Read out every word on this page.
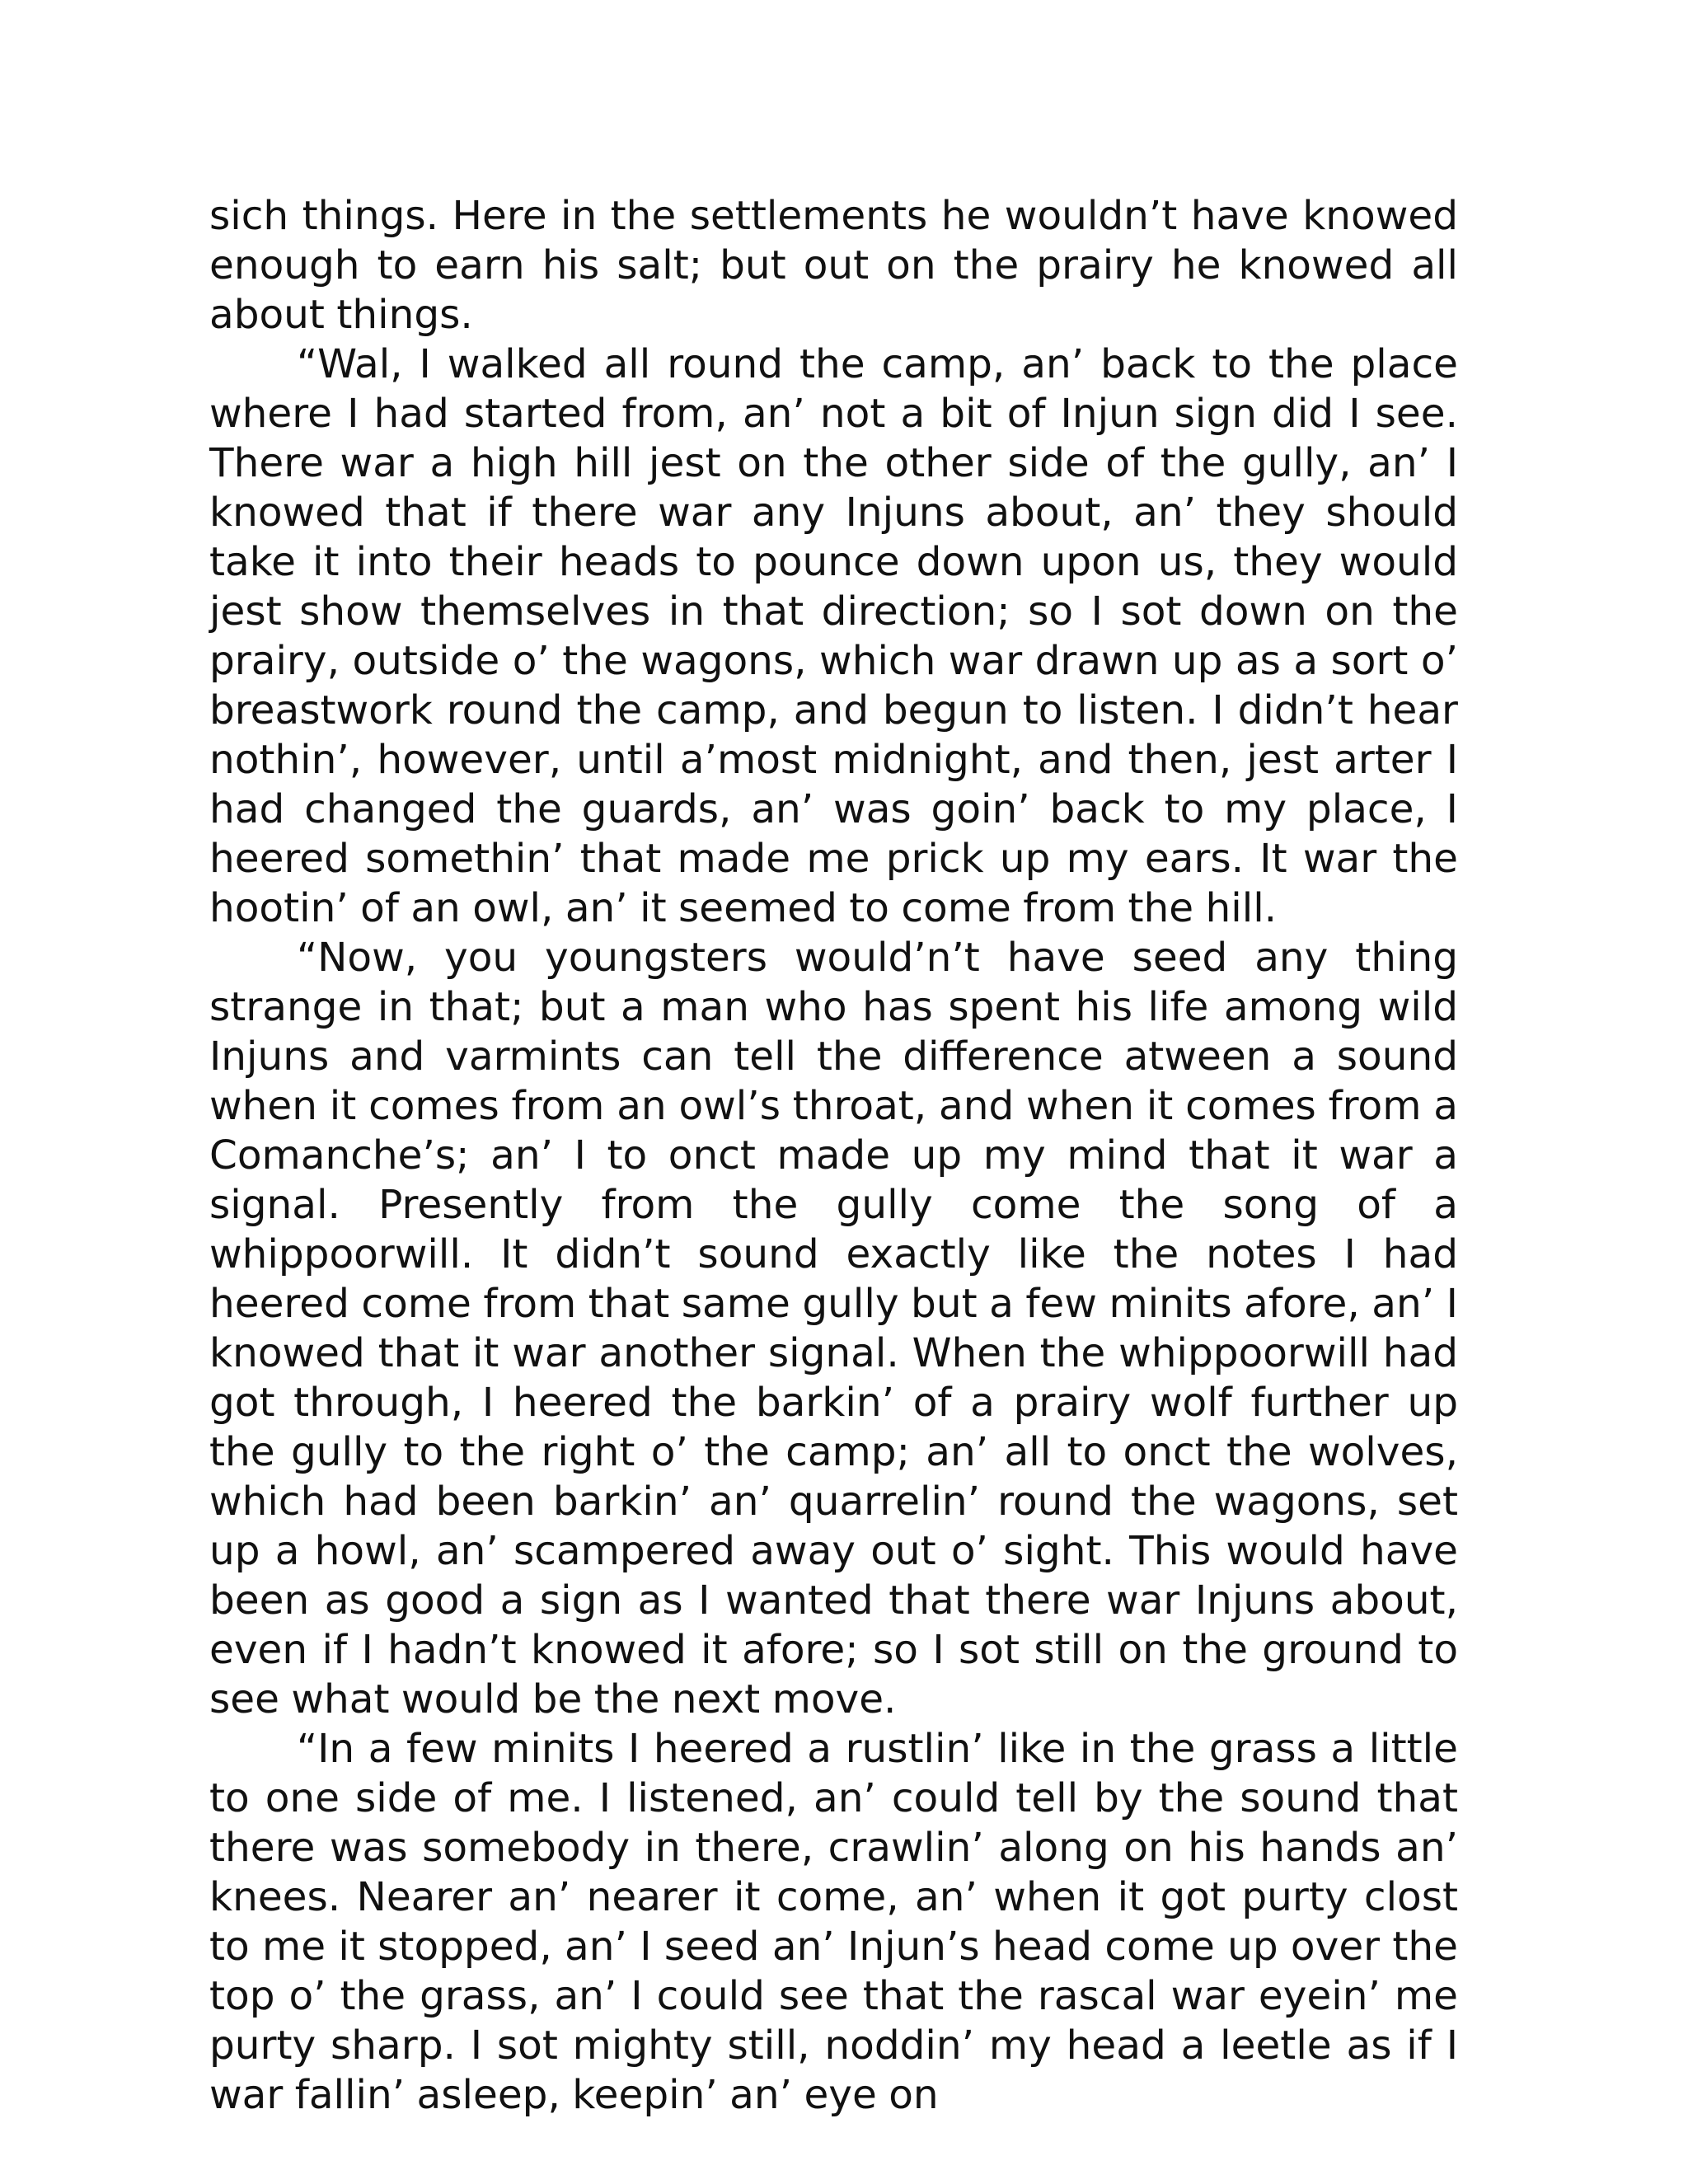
sich things. Here in the settlements he wouldn’t have knowed enough to earn his salt; but out on the prairy he knowed all about things.

“Wal, I walked all round the camp, an’ back to the place where I had started from, an’ not a bit of Injun sign did I see. There war a high hill jest on the other side of the gully, an’ I knowed that if there war any Injuns about, an’ they should take it into their heads to pounce down upon us, they would jest show themselves in that direction; so I sot down on the prairy, outside o’ the wagons, which war drawn up as a sort o’ breastwork round the camp, and begun to listen. I didn’t hear nothin’, however, until a’most midnight, and then, jest arter I had changed the guards, an’ was goin’ back to my place, I heered somethin’ that made me prick up my ears. It war the hootin’ of an owl, an’ it seemed to come from the hill.

“Now, you youngsters would’n’t have seed any thing strange in that; but a man who has spent his life among wild Injuns and varmints can tell the difference atween a sound when it comes from an owl’s throat, and when it comes from a Comanche’s; an’ I to onct made up my mind that it war a signal. Presently from the gully come the song of a whippoorwill. It didn’t sound exactly like the notes I had heered come from that same gully but a few minits afore, an’ I knowed that it war another signal. When the whippoorwill had got through, I heered the barkin’ of a prairy wolf further up the gully to the right o’ the camp; an’ all to onct the wolves, which had been barkin’ an’ quarrelin’ round the wagons, set up a howl, an’ scampered away out o’ sight. This would have been as good a sign as I wanted that there war Injuns about, even if I hadn’t knowed it afore; so I sot still on the ground to see what would be the next move.

“In a few minits I heered a rustlin’ like in the grass a little to one side of me. I listened, an’ could tell by the sound that there was somebody in there, crawlin’ along on his hands an’ knees. Nearer an’ nearer it come, an’ when it got purty clost to me it stopped, an’ I seed an’ Injun’s head come up over the top o’ the grass, an’ I could see that the rascal war eyein’ me purty sharp. I sot mighty still, noddin’ my head a leetle as if I war fallin’ asleep, keepin’ an’ eye on
